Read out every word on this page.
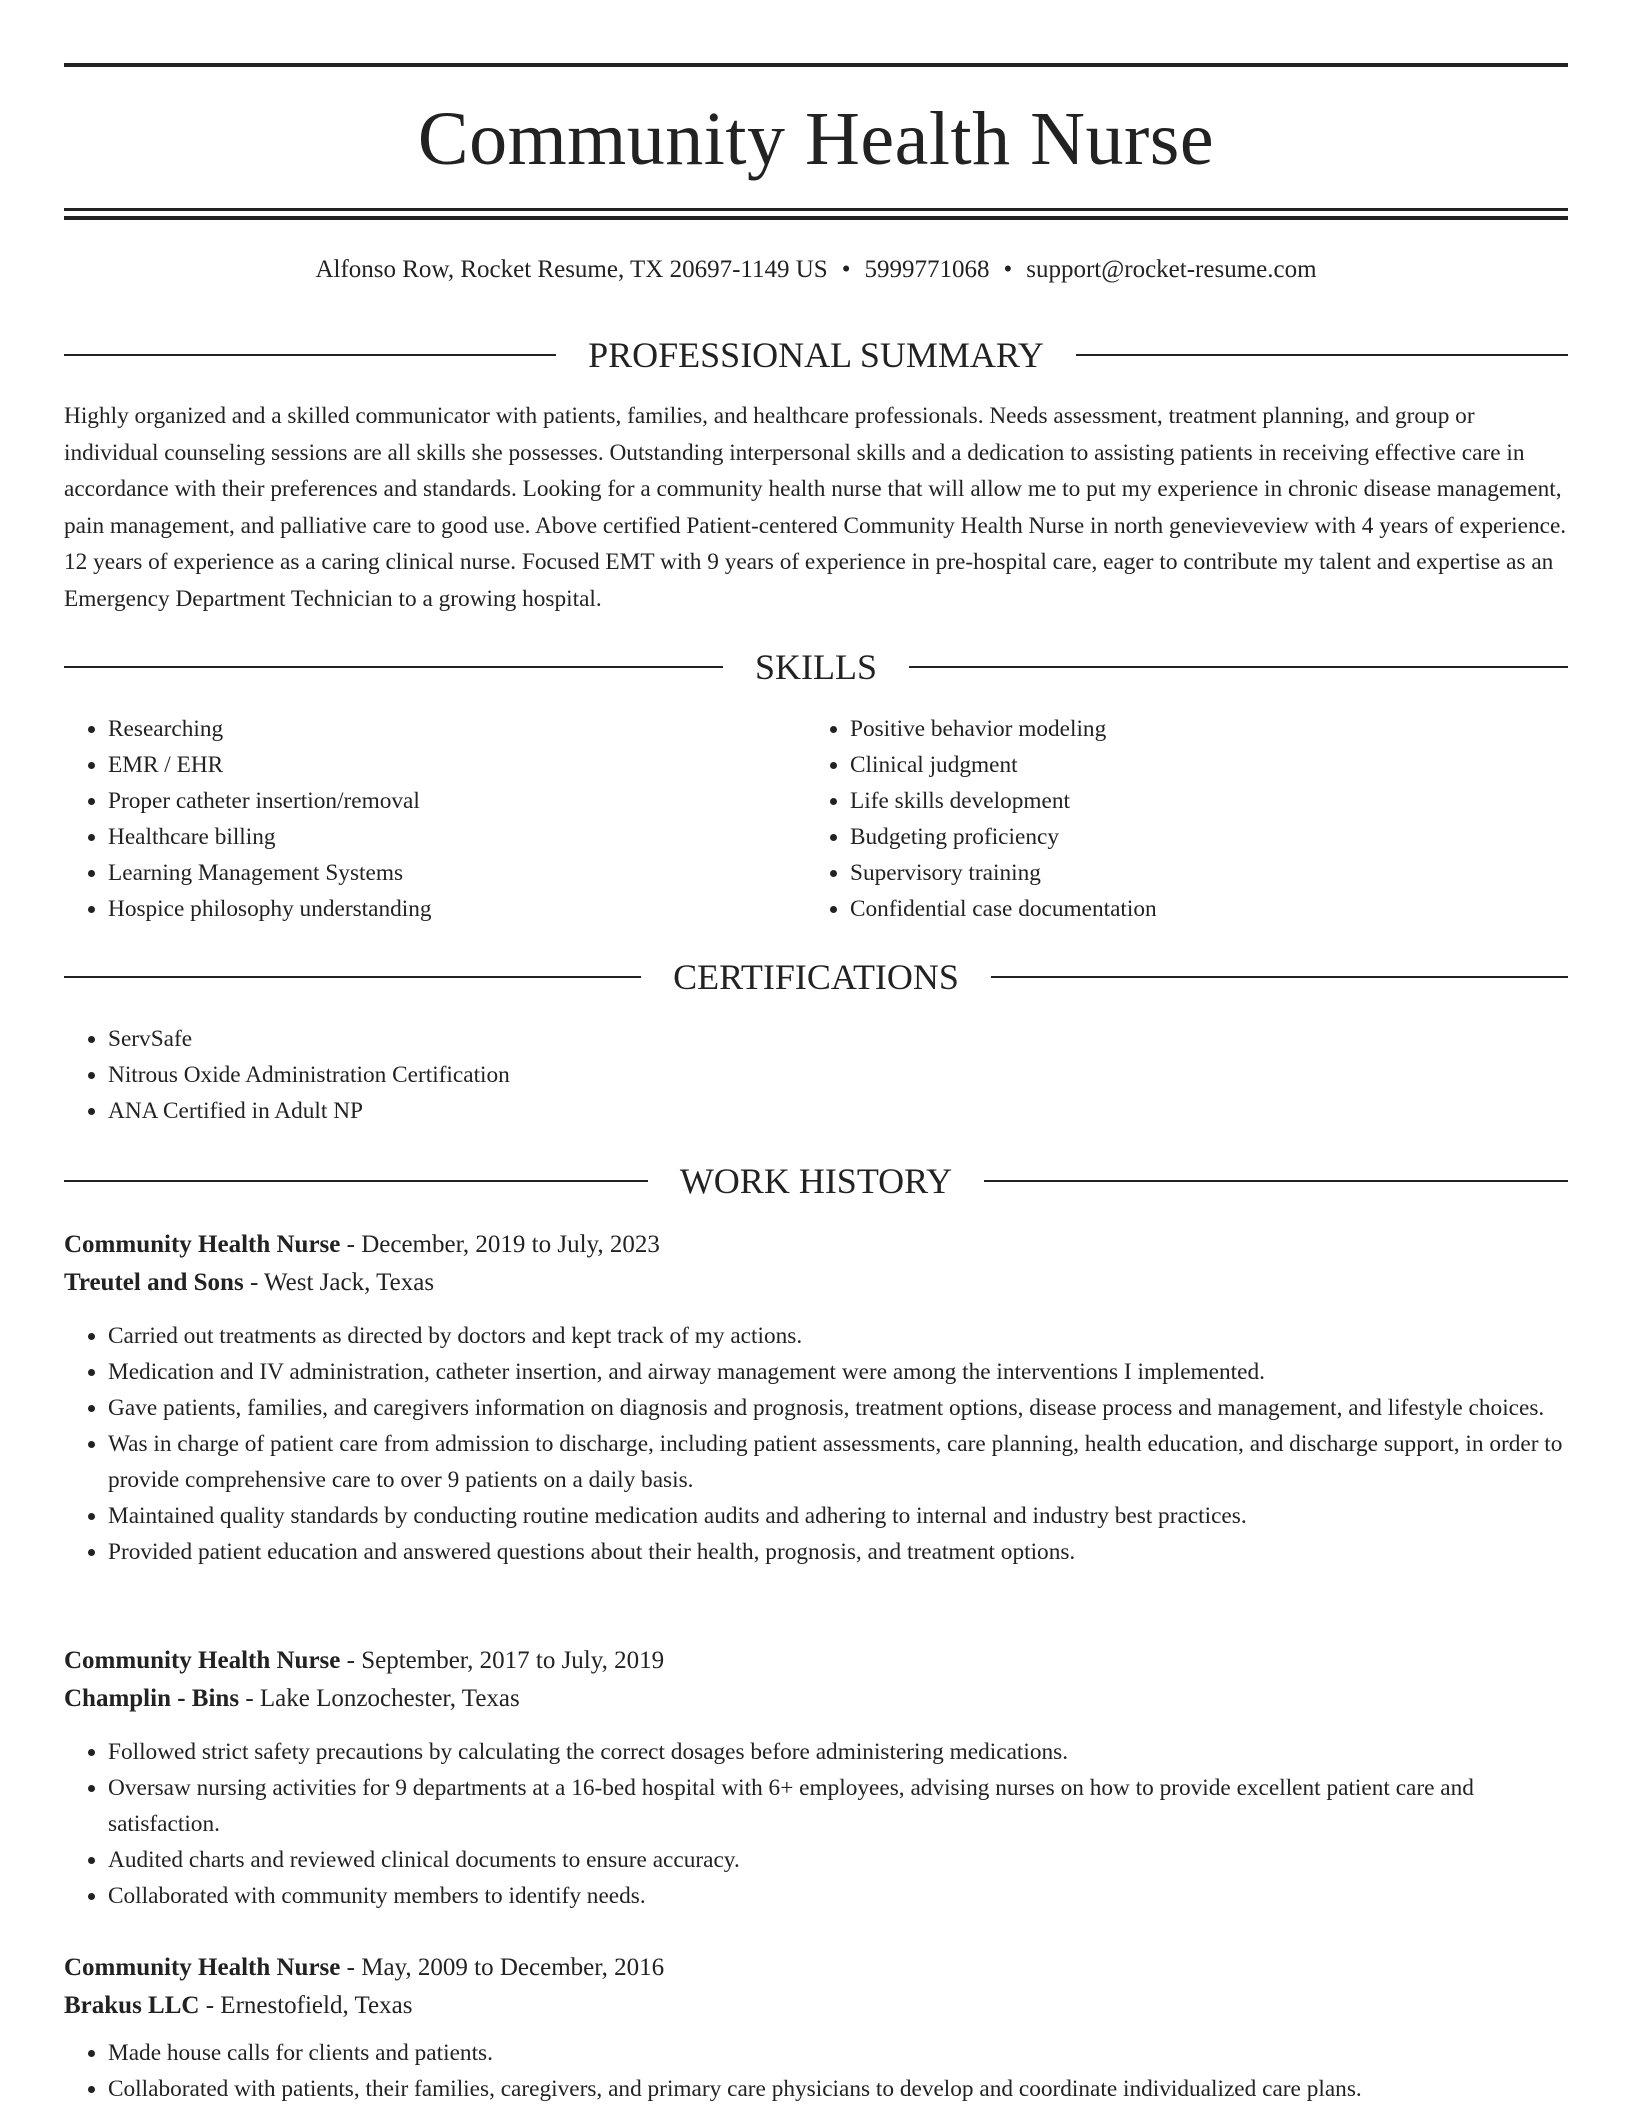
Community Health Nurse
Alfonso Row, Rocket Resume, TX 20697-1149 US • 5999771068 • support@rocket-resume.com
PROFESSIONAL SUMMARY

Highly organized and a skilled communicator with patients, families, and healthcare professionals. Needs assessment, treatment planning, and group or individual counseling sessions are all skills she possesses. Outstanding interpersonal skills and a dedication to assisting patients in receiving effective care in accordance with their preferences and standards. Looking for a community health nurse that will allow me to put my experience in chronic disease management, pain management, and palliative care to good use. Above certified Patient-centered Community Health Nurse in north genevieveview with 4 years of experience. 12 years of experience as a caring clinical nurse. Focused EMT with 9 years of experience in pre-hospital care, eager to contribute my talent and expertise as an Emergency Department Technician to a growing hospital.

SKILLS
• Researching
• EMR / EHR
• Proper catheter insertion/removal
• Healthcare billing
• Learning Management Systems
• Hospice philosophy understanding
• Positive behavior modeling
• Clinical judgment
• Life skills development
• Budgeting proficiency
• Supervisory training
• Confidential case documentation
CERTIFICATIONS
• ServSafe
• Nitrous Oxide Administration Certification
• ANA Certified in Adult NP
WORK HISTORY
Community Health Nurse - December, 2019 to July, 2023
Treutel and Sons - West Jack, Texas
• Carried out treatments as directed by doctors and kept track of my actions.
• Medication and IV administration, catheter insertion, and airway management were among the interventions I implemented.
• Gave patients, families, and caregivers information on diagnosis and prognosis, treatment options, disease process and management, and lifestyle choices.
• Was in charge of patient care from admission to discharge, including patient assessments, care planning, health education, and discharge support, in order to provide comprehensive care to over 9 patients on a daily basis.
• Maintained quality standards by conducting routine medication audits and adhering to internal and industry best practices.
• Provided patient education and answered questions about their health, prognosis, and treatment options.
Community Health Nurse - September, 2017 to July, 2019
Champlin - Bins - Lake Lonzochester, Texas
• Followed strict safety precautions by calculating the correct dosages before administering medications.
• Oversaw nursing activities for 9 departments at a 16-bed hospital with 6+ employees, advising nurses on how to provide excellent patient care and satisfaction.
• Audited charts and reviewed clinical documents to ensure accuracy.
• Collaborated with community members to identify needs.
Community Health Nurse - May, 2009 to December, 2016
Brakus LLC - Ernestofield, Texas
• Made house calls for clients and patients.
• Collaborated with patients, their families, caregivers, and primary care physicians to develop and coordinate individualized care plans.
